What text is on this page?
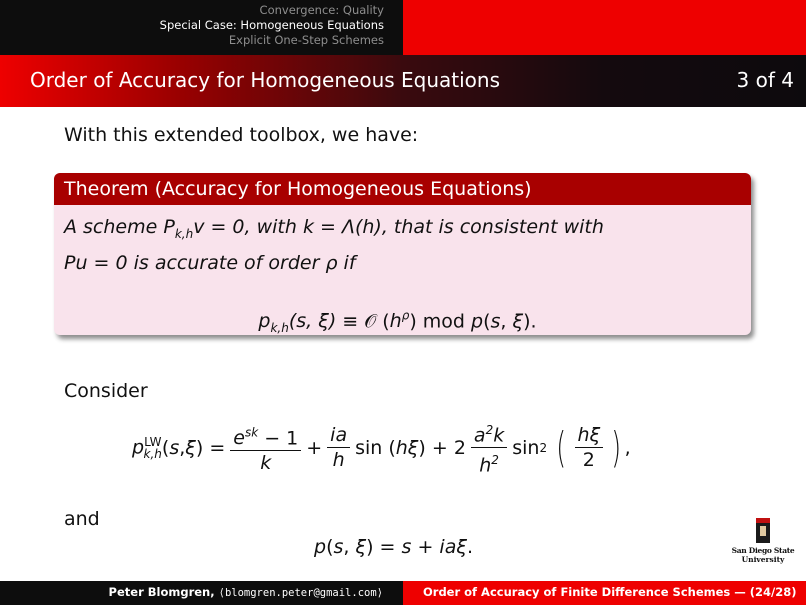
Convergence: Quality
Special Case: Homogeneous Equations
Explicit One-Step Schemes
Order of Accuracy for Homogeneous Equations	3 of 4
With this extended toolbox, we have:
Theorem (Accuracy for Homogeneous Equations)
A scheme $P_{k,h}v = 0$, with k = Λ(h), that is consistent with
Pu = 0 is accurate of order ρ if
$p_{k,h}(s$, ξ) ≡ 𝒪 $(h^\rho)$ mod p(s, ξ).
Consider
$p^{LW}_{k,h}$ ( s , ξ ) = $\frac{e^{sk} - 1}{k} + \frac{ia}{h}$ sin ( hξ ) + $2 \frac{a^2k}{h^2}$ sin 2
( $\frac{h\xi}{2}$ ) ,
and
p(s, ξ) = s + iaξ.	San Diego State
University
Peter Blomgren, ⟨blomgren.peter@gmail.com⟩	Order of Accuracy of Finite Difference Schemes — (24/28)
